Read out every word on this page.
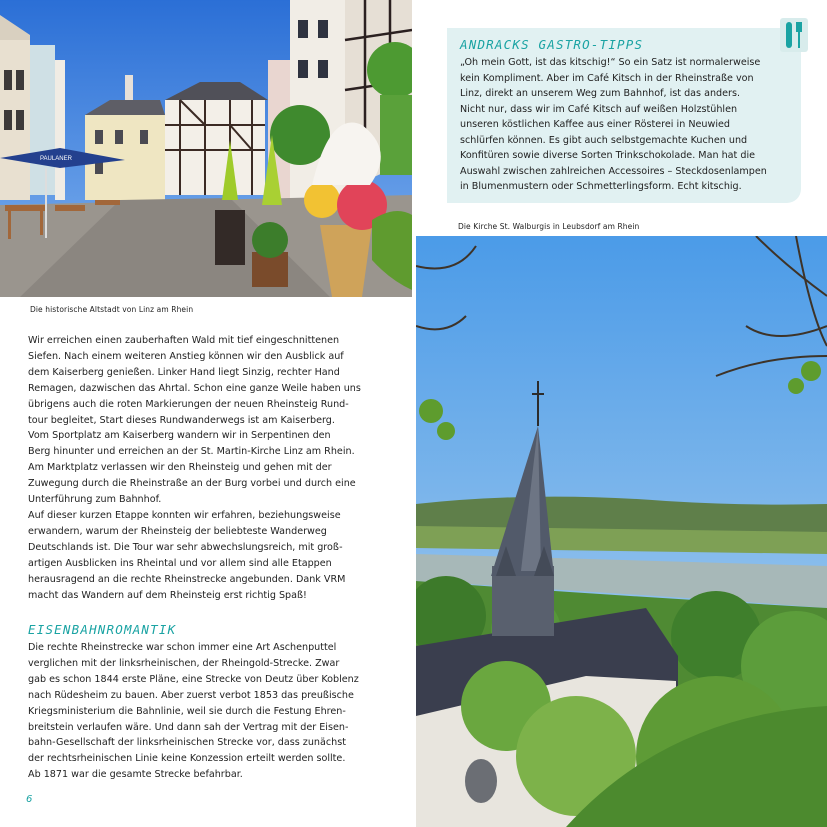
PAULANER
Die historische Altstadt von Linz am Rhein
ANDRACKS GASTRO-TIPPS
„Oh mein Gott, ist das kitschig!“ So ein Satz ist normalerweise
kein Kompliment. Aber im Café Kitsch in der Rheinstraße von
Linz, direkt an unserem Weg zum Bahnhof, ist das anders.
Nicht nur, dass wir im Café Kitsch auf weißen Holzstühlen
unseren köstlichen Kaffee aus einer Rösterei in Neuwied
schlürfen können. Es gibt auch selbstgemachte Kuchen und
Konfitüren sowie diverse Sorten Trinkschokolade. Man hat die
Auswahl zwischen zahlreichen Accessoires – Steckdosenlampen
in Blumenmustern oder Schmetterlingsform. Echt kitschig.
Die Kirche St. Walburgis in Leubsdorf am Rhein

Wir erreichen einen zauberhaften Wald mit tief eingeschnittenen

Siefen. Nach einem weiteren Anstieg können wir den Ausblick auf

dem Kaiserberg genießen. Linker Hand liegt Sinzig, rechter Hand

Remagen, dazwischen das Ahrtal. Schon eine ganze Weile haben uns

übrigens auch die roten Markierungen der neuen Rheinsteig Rund-

tour begleitet, Start dieses Rundwanderwegs ist am Kaiserberg.

Vom Sportplatz am Kaiserberg wandern wir in Serpentinen den

Berg hinunter und erreichen an der St. Martin-Kirche Linz am Rhein.

Am Marktplatz verlassen wir den Rheinsteig und gehen mit der

Zuwegung durch die Rheinstraße an der Burg vorbei und durch eine

Unterführung zum Bahnhof.

Auf dieser kurzen Etappe konnten wir erfahren, beziehungsweise

erwandern, warum der Rheinsteig der beliebteste Wanderweg

Deutschlands ist. Die Tour war sehr abwechslungsreich, mit groß-

artigen Ausblicken ins Rheintal und vor allem sind alle Etappen

herausragend an die rechte Rheinstrecke angebunden. Dank VRM

macht das Wandern auf dem Rheinsteig erst richtig Spaß!

EISENBAHNROMANTIK
Die rechte Rheinstrecke war schon immer eine Art Aschenputtel
verglichen mit der linksrheinischen, der Rheingold-Strecke. Zwar
gab es schon 1844 erste Pläne, eine Strecke von Deutz über Koblenz
nach Rüdesheim zu bauen. Aber zuerst verbot 1853 das preußische
Kriegsministerium die Bahnlinie, weil sie durch die Festung Ehren-
breitstein verlaufen wäre. Und dann sah der Vertrag mit der Eisen-
bahn-Gesellschaft der linksrheinischen Strecke vor, dass zunächst
der rechtsrheinischen Linie keine Konzession erteilt werden sollte.
Ab 1871 war die gesamte Strecke befahrbar.
6
